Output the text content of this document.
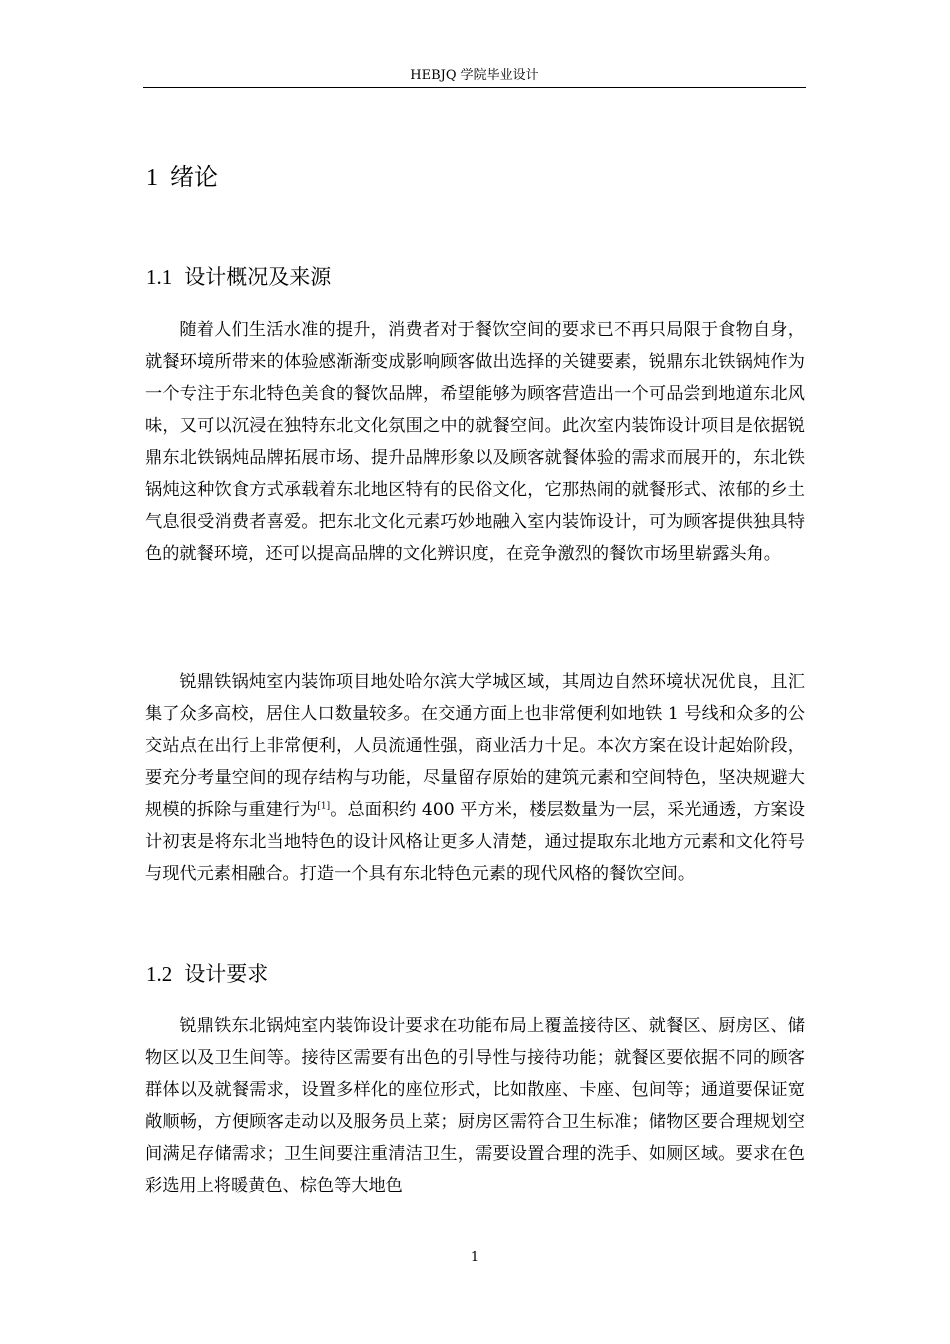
HEBJQ 学院毕业设计
1 绪论
1.1 设计概况及来源

随着人们生活水准的提升，消费者对于餐饮空间的要求已不再只局限于食物自身，就餐环境所带来的体验感渐渐变成影响顾客做出选择的关键要素，锐鼎东北铁锅炖作为一个专注于东北特色美食的餐饮品牌，希望能够为顾客营造出一个可品尝到地道东北风味，又可以沉浸在独特东北文化氛围之中的就餐空间。此次室内装饰设计项目是依据锐鼎东北铁锅炖品牌拓展市场、提升品牌形象以及顾客就餐体验的需求而展开的，东北铁锅炖这种饮食方式承载着东北地区特有的民俗文化，它那热闹的就餐形式、浓郁的乡土气息很受消费者喜爱。把东北文化元素巧妙地融入室内装饰设计，可为顾客提供独具特色的就餐环境，还可以提高品牌的文化辨识度，在竞争激烈的餐饮市场里崭露头角。

锐鼎铁锅炖室内装饰项目地处哈尔滨大学城区域，其周边自然环境状况优良，且汇集了众多高校，居住人口数量较多。在交通方面上也非常便利如地铁 1 号线和众多的公交站点在出行上非常便利，人员流通性强，商业活力十足。本次方案在设计起始阶段，要充分考量空间的现存结构与功能，尽量留存原始的建筑元素和空间特色，坚决规避大规模的拆除与重建行为[1]。总面积约 400 平方米，楼层数量为一层，采光通透，方案设计初衷是将东北当地特色的设计风格让更多人清楚，通过提取东北地方元素和文化符号与现代元素相融合。打造一个具有东北特色元素的现代风格的餐饮空间。

1.2 设计要求

锐鼎铁东北锅炖室内装饰设计要求在功能布局上覆盖接待区、就餐区、厨房区、储物区以及卫生间等。接待区需要有出色的引导性与接待功能；就餐区要依据不同的顾客群体以及就餐需求，设置多样化的座位形式，比如散座、卡座、包间等；通道要保证宽敞顺畅，方便顾客走动以及服务员上菜；厨房区需符合卫生标准；储物区要合理规划空间满足存储需求；卫生间要注重清洁卫生，需要设置合理的洗手、如厕区域。要求在色彩选用上将暖黄色、棕色等大地色

1
